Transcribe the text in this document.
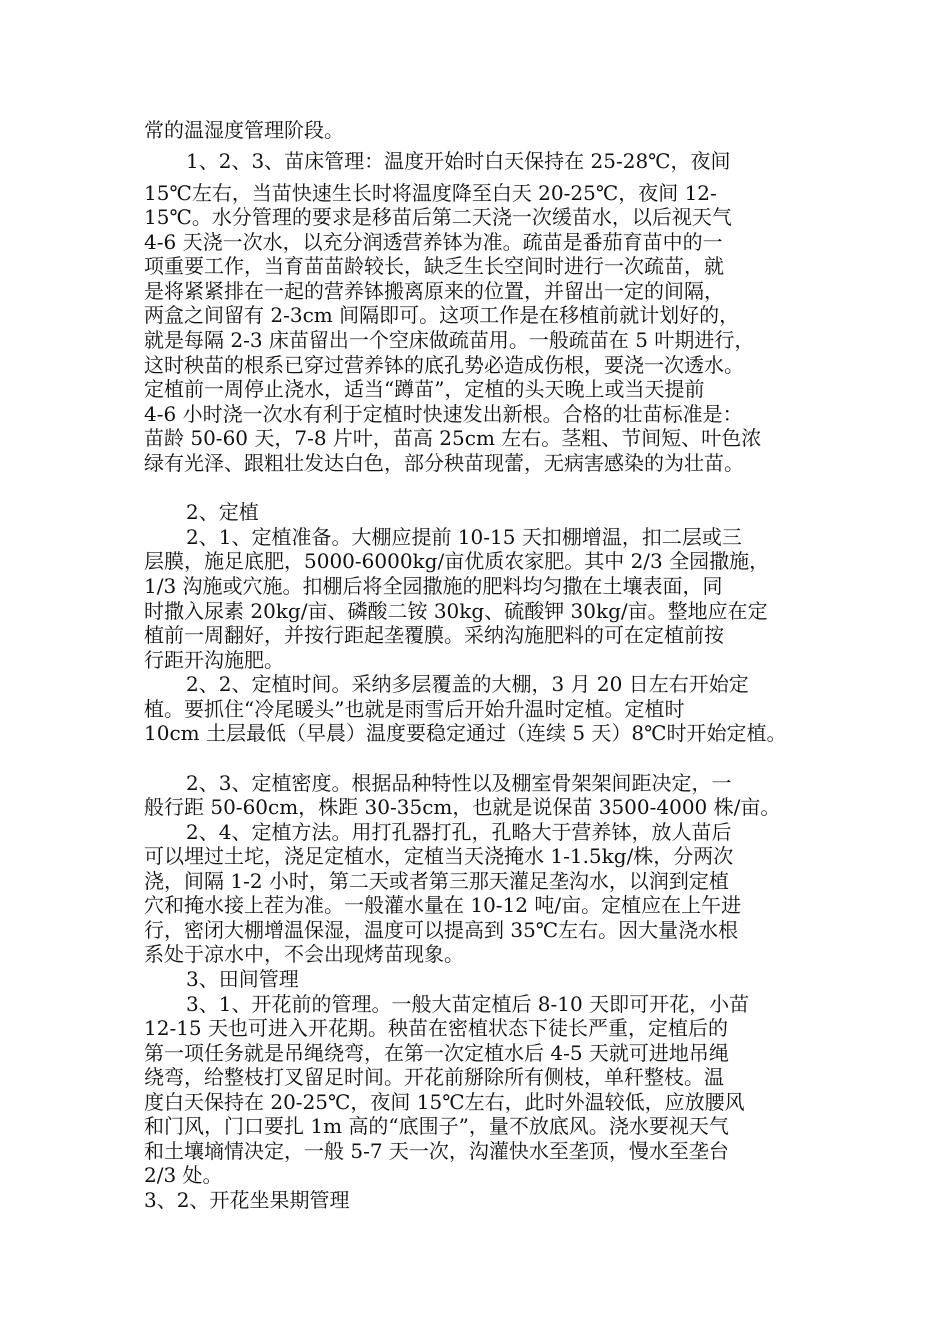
常的温湿度管理阶段。

1、2、3、苗床管理：温度开始时白天保持在 25-28℃，夜间

15℃左右，当苗快速生长时将温度降至白天 20-25℃，夜间 12-

15℃。水分管理的要求是移苗后第二天浇一次缓苗水，以后视天气

4-6 天浇一次水，以充分润透营养钵为准。疏苗是番茄育苗中的一

项重要工作，当育苗苗龄较长，缺乏生长空间时进行一次疏苗，就

是将紧紧排在一起的营养钵搬离原来的位置，并留出一定的间隔，

两盒之间留有 2-3cm 间隔即可。这项工作是在移植前就计划好的，

就是每隔 2-3 床苗留出一个空床做疏苗用。一般疏苗在 5 叶期进行，

这时秧苗的根系已穿过营养钵的底孔势必造成伤根，要浇一次透水。

定植前一周停止浇水，适当“蹲苗”，定植的头天晚上或当天提前

4-6 小时浇一次水有利于定植时快速发出新根。合格的壮苗标准是：

苗龄 50-60 天，7-8 片叶，苗高 25cm 左右。茎粗、节间短、叶色浓

绿有光泽、跟粗壮发达白色，部分秧苗现蕾，无病害感染的为壮苗。

2、定植

2、1、定植准备。大棚应提前 10-15 天扣棚增温，扣二层或三

层膜，施足底肥，5000-6000kg/亩优质农家肥。其中 2/3 全园撒施，

1/3 沟施或穴施。扣棚后将全园撒施的肥料均匀撒在土壤表面，同

时撒入尿素 20kg/亩、磷酸二铵 30kg、硫酸钾 30kg/亩。整地应在定

植前一周翻好，并按行距起垄覆膜。采纳沟施肥料的可在定植前按

行距开沟施肥。

2、2、定植时间。采纳多层覆盖的大棚，3 月 20 日左右开始定

植。要抓住“冷尾暖头”也就是雨雪后开始升温时定植。定植时

10cm 土层最低（早晨）温度要稳定通过（连续 5 天）8℃时开始定植。

2、3、定植密度。根据品种特性以及棚室骨架架间距决定，一

般行距 50-60cm，株距 30-35cm，也就是说保苗 3500-4000 株/亩。

2、4、定植方法。用打孔器打孔，孔略大于营养钵，放人苗后

可以埋过土坨，浇足定植水，定植当天浇掩水 1-1.5kg/株，分两次

浇，间隔 1-2 小时，第二天或者第三那天灌足垄沟水，以润到定植

穴和掩水接上茬为准。一般灌水量在 10-12 吨/亩。定植应在上午进

行，密闭大棚增温保湿，温度可以提高到 35℃左右。因大量浇水根

系处于凉水中，不会出现烤苗现象。

3、田间管理

3、1、开花前的管理。一般大苗定植后 8-10 天即可开花，小苗

12-15 天也可进入开花期。秧苗在密植状态下徒长严重，定植后的

第一项任务就是吊绳绕弯，在第一次定植水后 4-5 天就可进地吊绳

绕弯，给整枝打叉留足时间。开花前掰除所有侧枝，单秆整枝。温

度白天保持在 20-25℃，夜间 15℃左右，此时外温较低，应放腰风

和门风，门口要扎 1m 高的“底围子”，量不放底风。浇水要视天气

和土壤墒情决定，一般 5-7 天一次，沟灌快水至垄顶，慢水至垄台

2/3 处。

3、2、开花坐果期管理
